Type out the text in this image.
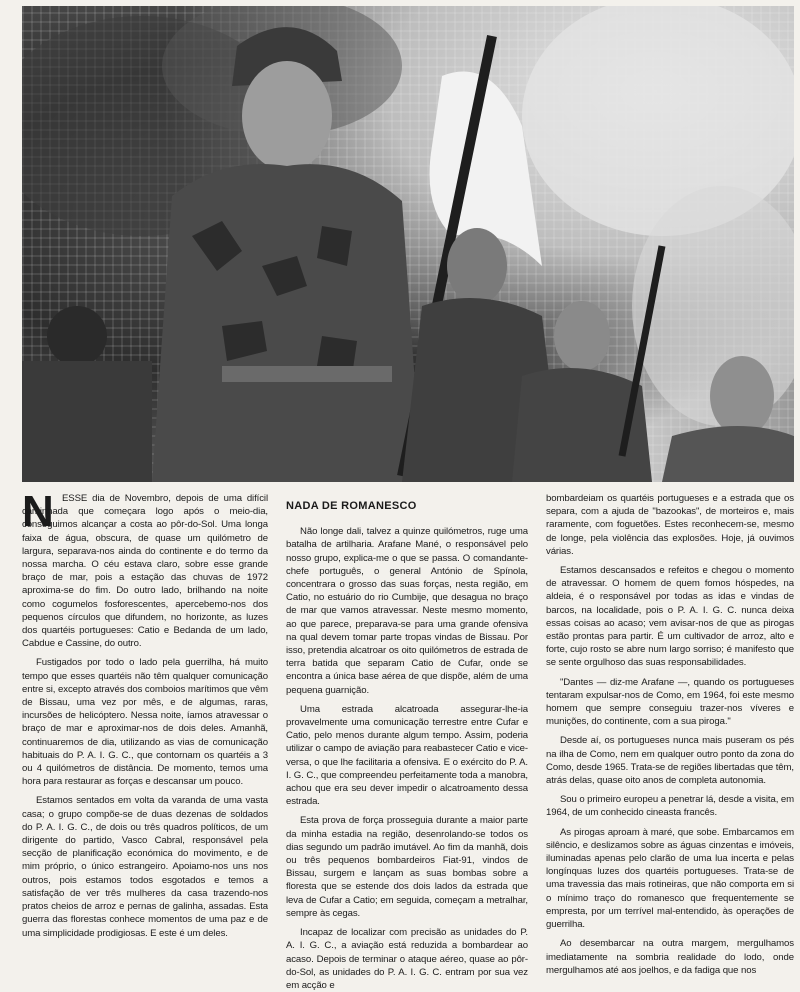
N ESSE dia de Novembro, depois de uma difícil caminhada que começara logo após o meio-dia, conseguimos alcançar a costa ao pôr-do-Sol. Uma longa faixa de água, obscura, de quase um quilómetro de largura, separava-nos ainda do continente e do termo da nossa marcha. O céu estava claro, sobre esse grande braço de mar, pois a estação das chuvas de 1972 aproxima-se do fim. Do outro lado, brilhando na noite como cogumelos fosforescentes, apercebemo-nos dos pequenos círculos que difundem, no horizonte, as luzes dos quartéis portugueses: Catio e Bedanda de um lado, Cabdue e Cassine, do outro.

Fustigados por todo o lado pela guerrilha, há muito tempo que esses quartéis não têm qualquer comunicação entre si, excepto através dos comboios marítimos que vêm de Bissau, uma vez por mês, e de algumas, raras, incursões de helicóptero. Nessa noite, íamos atravessar o braço de mar e aproximar-nos de dois deles. Amanhã, continuaremos de dia, utilizando as vias de comunicação habituais do P. A. I. G. C., que contornam os quartéis a 3 ou 4 quilómetros de distância. De momento, temos uma hora para restaurar as forças e descansar um pouco.

Estamos sentados em volta da varanda de uma vasta casa; o grupo compõe-se de duas dezenas de soldados do P. A. I. G. C., de dois ou três quadros políticos, de um dirigente do partido, Vasco Cabral, responsável pela secção de planificação económica do movimento, e de mim próprio, o único estrangeiro. Apoiamo-nos uns nos outros, pois estamos todos esgotados e temos a satisfação de ver três mulheres da casa trazendo-nos pratos cheios de arroz e pernas de galinha, assadas. Esta guerra das florestas conhece momentos de uma paz e de uma simplicidade prodigiosas. E este é um deles.

NADA DE ROMANESCO

Não longe dali, talvez a quinze quilómetros, ruge uma batalha de artilharia. Arafane Mané, o responsável pelo nosso grupo, explica-me o que se passa. O comandante-chefe português, o general António de Spínola, concentrara o grosso das suas forças, nesta região, em Catio, no estuário do rio Cumbije, que desagua no braço de mar que vamos atravessar. Neste mesmo momento, ao que parece, preparava-se para uma grande ofensiva na qual devem tomar parte tropas vindas de Bissau. Por isso, pretendia alcatroar os oito quilómetros de estrada de terra batida que separam Catio de Cufar, onde se encontra a única base aérea de que dispõe, além de uma pequena guarnição.

Uma estrada alcatroada assegurar-lhe-ia provavelmente uma comunicação terrestre entre Cufar e Catio, pelo menos durante algum tempo. Assim, poderia utilizar o campo de aviação para reabastecer Catio e vice-versa, o que lhe facilitaria a ofensiva. E o exército do P. A. I. G. C., que compreendeu perfeitamente toda a manobra, achou que era seu dever impedir o alcatroamento dessa estrada.

Esta prova de força prosseguia durante a maior parte da minha estadia na região, desenrolando-se todos os dias segundo um padrão imutável. Ao fim da manhã, dois ou três pequenos bombardeiros Fiat-91, vindos de Bissau, surgem e lançam as suas bombas sobre a floresta que se estende dos dois lados da estrada que leva de Cufar a Catio; em seguida, começam a metralhar, sempre às cegas.

Incapaz de localizar com precisão as unidades do P. A. I. G. C., a aviação está reduzida a bombardear ao acaso. Depois de terminar o ataque aéreo, quase ao pôr-do-Sol, as unidades do P. A. I. G. C. entram por sua vez em acção e

bombardeiam os quartéis portugueses e a estrada que os separa, com a ajuda de "bazookas", de morteiros e, mais raramente, com foguetões. Estes reconhecem-se, mesmo de longe, pela violência das explosões. Hoje, já ouvimos várias.

Estamos descansados e refeitos e chegou o momento de atravessar. O homem de quem fomos hóspedes, na aldeia, é o responsável por todas as idas e vindas de barcos, na localidade, pois o P. A. I. G. C. nunca deixa essas coisas ao acaso; vem avisar-nos de que as pirogas estão prontas para partir. É um cultivador de arroz, alto e forte, cujo rosto se abre num largo sorriso; é manifesto que se sente orgulhoso das suas responsabilidades.

"Dantes — diz-me Arafane —, quando os portugueses tentaram expulsar-nos de Como, em 1964, foi este mesmo homem que sempre conseguiu trazer-nos víveres e munições, do continente, com a sua piroga."

Desde aí, os portugueses nunca mais puseram os pés na ilha de Como, nem em qualquer outro ponto da zona do Como, desde 1965. Trata-se de regiões libertadas que têm, atrás delas, quase oito anos de completa autonomia.

Sou o primeiro europeu a penetrar lá, desde a visita, em 1964, de um conhecido cineasta francês.

As pirogas aproam à maré, que sobe. Embarcamos em silêncio, e deslizamos sobre as águas cinzentas e imóveis, iluminadas apenas pelo clarão de uma lua incerta e pelas longínquas luzes dos quartéis portugueses. Trata-se de uma travessia das mais rotineiras, que não comporta em si o mínimo traço do romanesco que frequentemente se empresta, por um terrível mal-entendido, às operações de guerrilha.

Ao desembarcar na outra margem, mergulhamos imediatamente na sombria realidade do lodo, onde mergulhamos até aos joelhos, e da fadiga que nos
